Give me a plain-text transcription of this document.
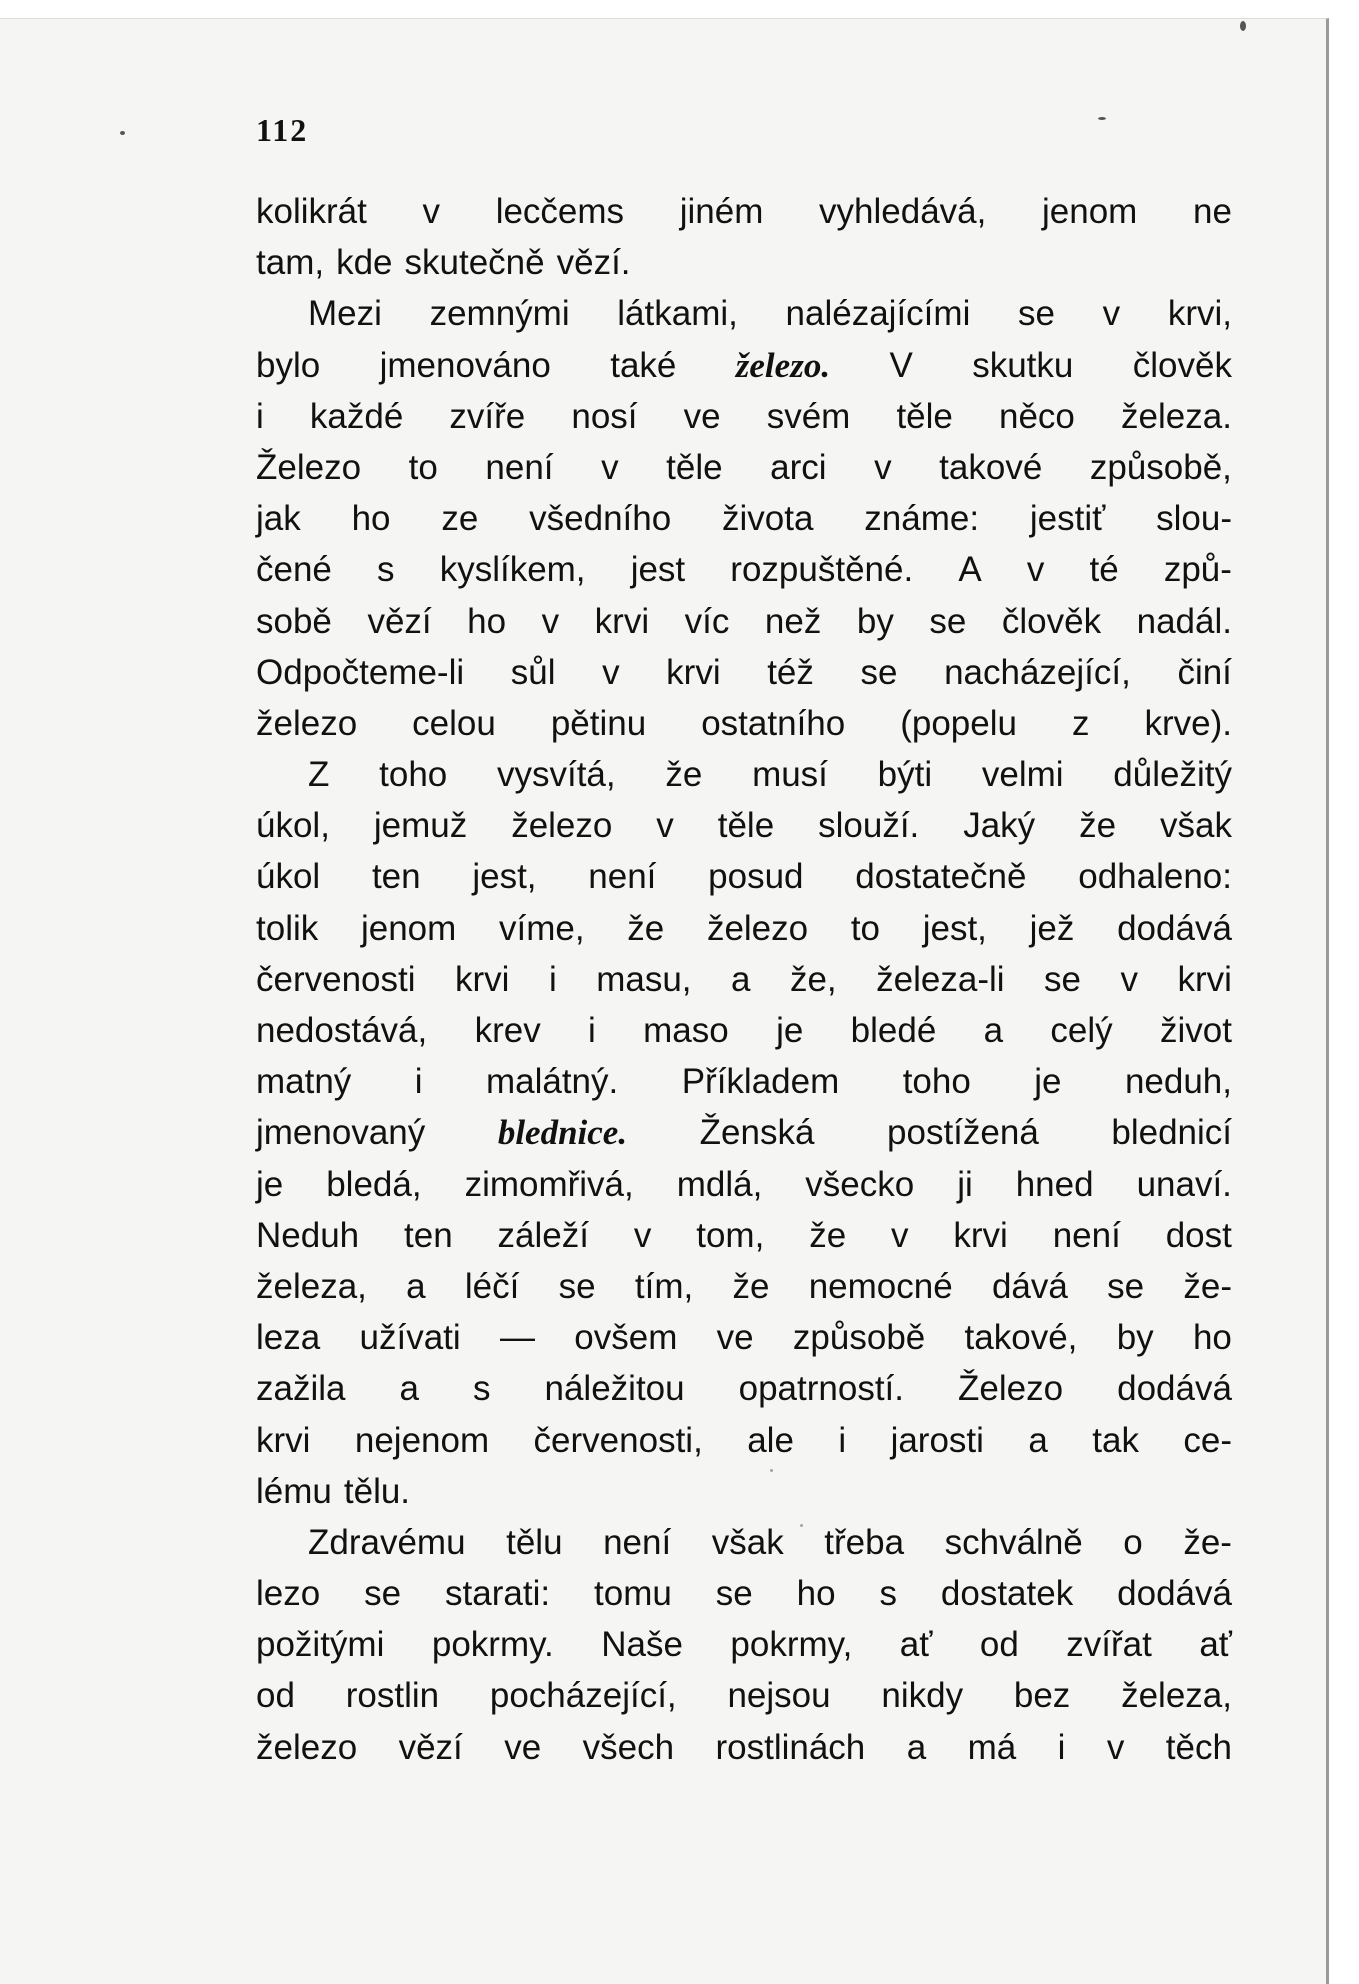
112
kolikrát v lecčems jiném vyhledává, jenom ne
tam, kde skutečně vězí.
Mezi zemnými látkami, nalézajícími se v krvi,
bylo jmenováno také železo. V skutku člověk
i každé zvíře nosí ve svém těle něco železa.
Železo to není v těle arci v takové způsobě,
jak ho ze všedního života známe: jestiť slou-
čené s kyslíkem, jest rozpuštěné. A v té způ-
sobě vězí ho v krvi víc než by se člověk nadál.
Odpočteme-li sůl v krvi též se nacházející, činí
železo celou pětinu ostatního (popelu z krve).
Z toho vysvítá, že musí býti velmi důležitý
úkol, jemuž železo v těle slouží. Jaký že však
úkol ten jest, není posud dostatečně odhaleno:
tolik jenom víme, že železo to jest, jež dodává
červenosti krvi i masu, a že, železa-li se v krvi
nedostává, krev i maso je bledé a celý život
matný i malátný. Příkladem toho je neduh,
jmenovaný blednice. Ženská postížená blednicí
je bledá, zimomřivá, mdlá, všecko ji hned unaví.
Neduh ten záleží v tom, že v krvi není dost
železa, a léčí se tím, že nemocné dává se že-
leza užívati — ovšem ve způsobě takové, by ho
zažila a s náležitou opatrností. Železo dodává
krvi nejenom červenosti, ale i jarosti a tak ce-
lému tělu.
Zdravému tělu není však třeba schválně o že-
lezo se starati: tomu se ho s dostatek dodává
požitými pokrmy. Naše pokrmy, ať od zvířat ať
od rostlin pocházející, nejsou nikdy bez železa,
železo vězí ve všech rostlinách a má i v těch
